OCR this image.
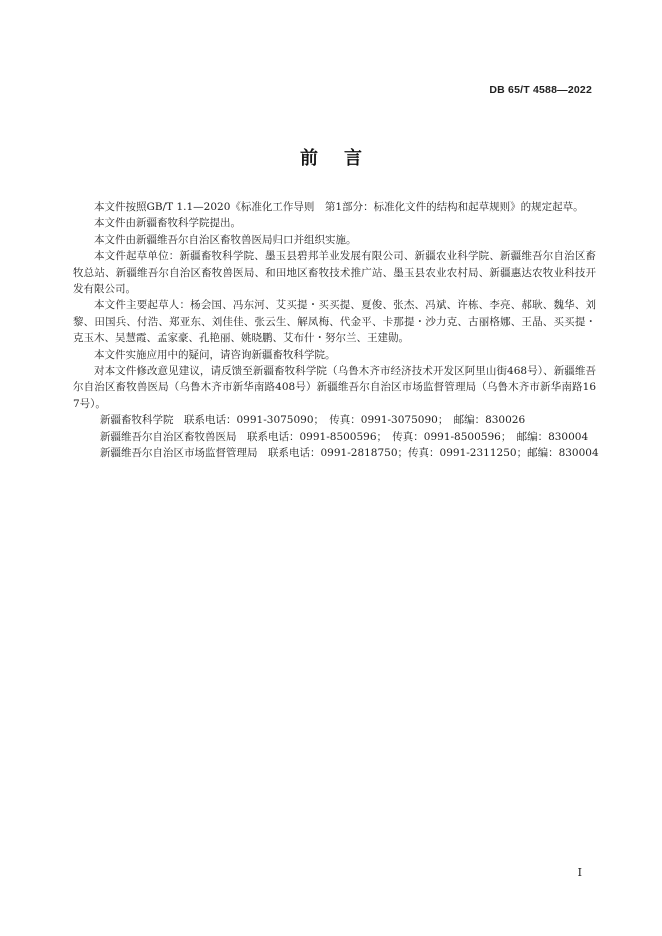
DB 65/T 4588—2022
前言

本文件按照GB/T 1.1—2020《标准化工作导则　第1部分：标准化文件的结构和起草规则》的规定起草。

本文件由新疆畜牧科学院提出。

本文件由新疆维吾尔自治区畜牧兽医局归口并组织实施。

本文件起草单位：新疆畜牧科学院、墨玉县碧邦羊业发展有限公司、新疆农业科学院、新疆维吾尔自治区畜牧总站、新疆维吾尔自治区畜牧兽医局、和田地区畜牧技术推广站、墨玉县农业农村局、新疆惠达农牧业科技开发有限公司。

本文件主要起草人：杨会国、冯东河、艾买提・买买提、夏俊、张杰、冯斌、许栋、李亮、郝耿、魏华、刘黎、田国兵、付浩、郑亚东、刘佳佳、张云生、解凤梅、代金平、卡那提・沙力克、古丽格娜、王晶、买买提・克玉木、吴慧霞、孟家豪、孔艳丽、姚晓鹏、艾布什・努尔兰、王建勋。

本文件实施应用中的疑问，请咨询新疆畜牧科学院。

对本文件修改意见建议，请反馈至新疆畜牧科学院（乌鲁木齐市经济技术开发区阿里山街468号）、新疆维吾尔自治区畜牧兽医局（乌鲁木齐市新华南路408号）新疆维吾尔自治区市场监督管理局（乌鲁木齐市新华南路167号）。

新疆畜牧科学院　联系电话：0991-3075090；　传真：0991-3075090；　邮编：830026

新疆维吾尔自治区畜牧兽医局　联系电话：0991-8500596；　传真：0991-8500596；　邮编：830004

新疆维吾尔自治区市场监督管理局　联系电话：0991-2818750；传真：0991-2311250；邮编：830004

I
